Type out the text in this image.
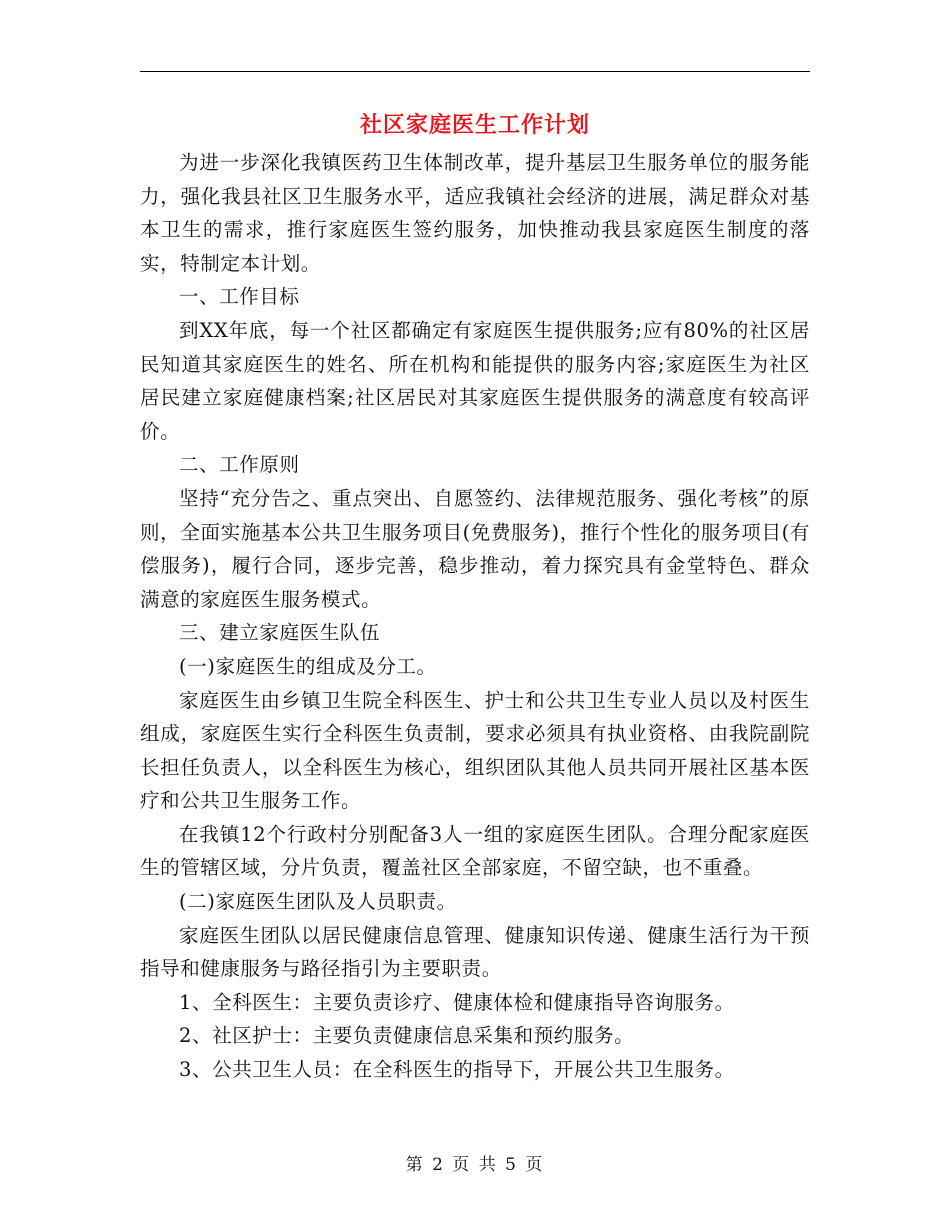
社区家庭医生工作计划

为进一步深化我镇医药卫生体制改革，提升基层卫生服务单位的服务能力，强化我县社区卫生服务水平，适应我镇社会经济的进展，满足群众对基本卫生的需求，推行家庭医生签约服务，加快推动我县家庭医生制度的落实，特制定本计划。

一、工作目标

到XX年底，每一个社区都确定有家庭医生提供服务;应有80%的社区居民知道其家庭医生的姓名、所在机构和能提供的服务内容;家庭医生为社区居民建立家庭健康档案;社区居民对其家庭医生提供服务的满意度有较高评价。

二、工作原则

坚持“充分告之、重点突出、自愿签约、法律规范服务、强化考核”的原则，全面实施基本公共卫生服务项目(免费服务)，推行个性化的服务项目(有偿服务)，履行合同，逐步完善，稳步推动，着力探究具有金堂特色、群众满意的家庭医生服务模式。

三、建立家庭医生队伍

(一)家庭医生的组成及分工。

家庭医生由乡镇卫生院全科医生、护士和公共卫生专业人员以及村医生组成，家庭医生实行全科医生负责制，要求必须具有执业资格、由我院副院长担任负责人，以全科医生为核心，组织团队其他人员共同开展社区基本医疗和公共卫生服务工作。

在我镇12个行政村分别配备3人一组的家庭医生团队。合理分配家庭医生的管辖区域，分片负责，覆盖社区全部家庭，不留空缺，也不重叠。

(二)家庭医生团队及人员职责。

家庭医生团队以居民健康信息管理、健康知识传递、健康生活行为干预指导和健康服务与路径指引为主要职责。

1、全科医生：主要负责诊疗、健康体检和健康指导咨询服务。

2、社区护士：主要负责健康信息采集和预约服务。

3、公共卫生人员：在全科医生的指导下，开展公共卫生服务。

第 2 页 共 5 页
